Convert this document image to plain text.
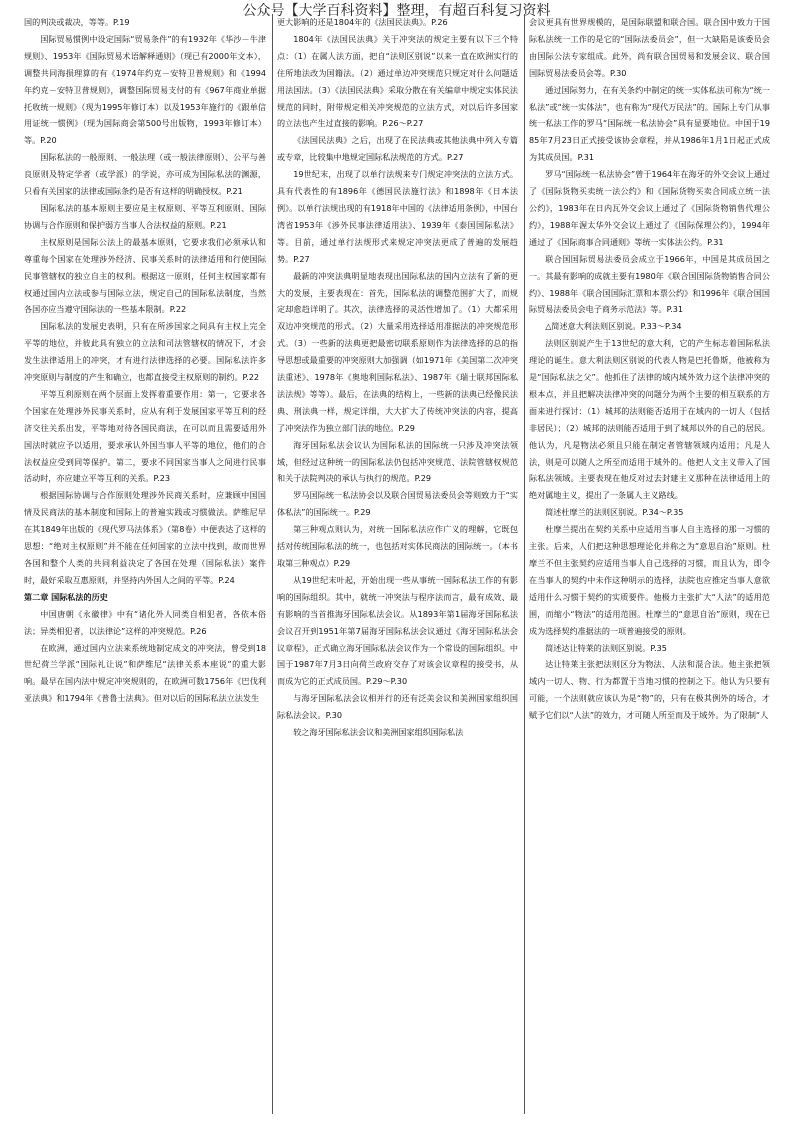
公众号【大学百科资料】整理，有超百科复习资料

国的判决或裁决，等等。P.19

国际贸易惯例中设定国际“贸易条件”的有1932年《华沙－牛津规则》、1953年《国际贸易术语解释通则》（现已有2000年文本），调整共同海损理算的有《1974年约克－安特卫普规则》和《1994年约克－安特卫普规则》，调整国际贸易支付的有《967年商业单据托收统一规则》（现为1995年修订本）以及1953年施行的《跟单信用证统一惯例》（现为国际商会第500号出版物，1993年修订本）等。P.20

国际私法的一般原则、一般法理（或一般法律原则）、公平与善良原则及特定学者（或学派）的学说，亦可成为国际私法的渊源，只看有关国家的法律或国际条约是否有这样的明确授权。P.21

国际私法的基本原则主要应是主权原则、平等互利原则、国际协调与合作原则和保护弱方当事人合法权益的原则。P.21

主权原则是国际公法上的最基本原则，它要求我们必须承认和尊重每个国家在处理涉外经济、民事关系时的法律适用和行使国际民事管辖权的独立自主的权利。根据这一原则，任何主权国家都有权通过国内立法或参与国际立法，规定自己的国际私法制度，当然各国亦应当遵守国际法的一些基本限制。P.22

国际私法的发展史表明，只有在所涉国家之间具有主权上完全平等的地位，并彼此具有独立的立法和司法管辖权的情况下，才会发生法律适用上的冲突，才有进行法律选择的必要。国际私法许多冲突原则与制度的产生和确立，也都直接受主权原则的制约。P.22

平等互利原则在两个层面上发挥着重要作用：第一，它要求各个国家在处理涉外民事关系时，应从有利于发展国家平等互利的经济交往关系出发，平等地对待各国民商法，在可以而且需要适用外国法时就应予以适用，要求承认外国当事人平等的地位，他们的合法权益应受到同等保护。第二，要求不同国家当事人之间进行民事活动时，亦应建立平等互利的关系。P.23

根据国际协调与合作原则处理涉外民商关系时，应兼顾中国国情及民商法的基本制度和国际上的普遍实践或习惯做法。萨维尼早在其1849年出版的《现代罗马法体系》（第8卷）中便表达了这样的思想：“绝对主权原则”并不能在任何国家的立法中找到，故而世界各国和整个人类的共同利益决定了各国在处理（国际私法）案件时，最好采取互惠原则，并坚持内外国人之间的平等。P.24

第二章 国际私法的历史

中国唐朝《永徽律》中有“诸化外人同类自相犯者，各依本俗法；异类相犯者，以法律论”这样的冲突规范。P.26

在欧洲，通过国内立法来系统地制定成文的冲突法，曾受到18世纪荷兰学派“国际礼让说”和萨维尼“法律关系本座说”的重大影响。最早在国内法中规定冲突规则的，在欧洲可数1756年《巴伐利亚法典》和1794年《普鲁士法典》。但对以后的国际私法立法发生

更大影响的还是1804年的《法国民法典》。P.26

1804年《法国民法典》关于冲突法的规定主要有以下三个特点：（1）在属人法方面，把自“法则区别说”以来一直在欧洲实行的住所地法改为国籍法。（2）通过单边冲突规范只规定对什么问题适用法国法。（3）《法国民法典》采取分散在有关编章中规定实体民法规范的同时，附带规定相关冲突规范的立法方式，对以后许多国家的立法也产生过直接的影响。P.26～P.27

《法国民法典》之后，出现了在民法典或其他法典中列入专篇或专章，比较集中地规定国际私法规范的方式。P.27

19世纪末，出现了以单行法规来专门规定冲突法的立法方式。具有代表性的有1896年《德国民法施行法》和1898年《日本法例》。以单行法规出现的有1918年中国的《法律适用条例》，中国台湾省1953年《涉外民事法律适用法》、1939年《泰国国际私法》等。目前，通过单行法规形式来规定冲突法更成了普遍的发展趋势。P.27

最新的冲突法典明显地表现出国际私法的国内立法有了新的更大的发展，主要表现在：首先，国际私法的调整范围扩大了，而规定却愈趋详明了。其次，法律选择的灵活性增加了。（1）大都采用双边冲突规范的形式。（2）大量采用选择适用准据法的冲突规范形式。（3）一些新的法典更把最密切联系原则作为法律选择的总的指导思想或最重要的冲突原则大加强调（如1971年《美国第二次冲突法重述》、1978年《奥地利国际私法》、1987年《瑞士联邦国际私法法规》等等）。最后，在法典的结构上，一些新的法典已经像民法典、刑法典一样，规定详细，大大扩大了传统冲突法的内容，提高了冲突法作为独立部门法的地位。P.29

海牙国际私法会议认为国际私法的国际统一只涉及冲突法领域，但经过这种统一的国际私法仍包括冲突规范、法院管辖权规范和关于法院判决的承认与执行的规范。P.29

罗马国际统一私法协会以及联合国贸易法委员会等则致力于“实体私法”的国际统一。P.29

第三种观点则认为，对统一国际私法应作广义的理解，它既包括对传统国际私法的统一，也包括对实体民商法的国际统一。（本书取第三种观点）P.29

从19世纪末叶起，开始出现一些从事统一国际私法工作的有影响的国际组织。其中，就统一冲突法与程序法而言，最有成效、最有影响的当首推海牙国际私法会议。从1893年第1届海牙国际私法会议召开到1951年第7届海牙国际私法会议通过《海牙国际私法会议章程》，正式确立海牙国际私法会议作为一个常设的国际组织。中国于1987年7月3日向荷兰政府交存了对该会议章程的接受书，从而成为它的正式成员国。P.29～P.30

与海牙国际私法会议相并行的还有泛美会议和美洲国家组织国际私法会议。P.30

较之海牙国际私法会议和美洲国家组织国际私法

会议更具有世界规模的，是国际联盟和联合国。联合国中致力于国际私法统一工作的是它的“国际法委员会”，但一大缺陷是该委员会由国际公法专家组成。此外，尚有联合国贸易和发展会议、联合国国际贸易法委员会等。P.30

通过国际努力，在有关条约中制定的统一实体私法可称为“统一私法”或“统一实体法”，也有称为“现代万民法”的。国际上专门从事统一私法工作的罗马“国际统一私法协会”具有显要地位。中国于1985年7月23日正式接受该协会章程，并从1986年1月1日起正式成为其成员国。P.31

罗马“国际统一私法协会”曾于1964年在海牙的外交会议上通过了《国际货物买卖统一法公约》和《国际货物买卖合同成立统一法公约》，1983年在日内瓦外交会议上通过了《国际货物销售代理公约》，1988年渥太华外交会议上通过了《国际保理公约》，1994年通过了《国际商事合同通则》等统一实体法公约。P.31

联合国国际贸易法委员会成立于1966年，中国是其成员国之一。其最有影响的成就主要有1980年《联合国国际货物销售合同公约》、1988年《联合国国际汇票和本票公约》和1996年《联合国国际贸易法委员会电子商务示范法》等。P.31

△简述意大利法则区别说。P.33～P.34

法则区别说产生于13世纪的意大利，它的产生标志着国际私法理论的诞生。意大利法则区别说的代表人物是巴托鲁斯，他被称为是“国际私法之父”。他抓住了法律的域内域外效力这个法律冲突的根本点，并且把解决法律冲突的问题分为两个主要的相互联系的方面来进行探讨：（1）城邦的法则能否适用于在域内的一切人（包括非居民）；（2）城邦的法则能否适用于到了城邦以外的自己的居民。他认为，凡是物法必须且只能在制定者管辖领域内适用；凡是人法，则是可以随人之所至而适用于域外的。他把人文主义带入了国际私法领域。主要表现在他反对过去封建主义那种在法律适用上的绝对属地主义，提出了一条属人主义路线。

简述杜摩兰的法则区别说。P.34～P.35

杜摩兰提出在契约关系中应适用当事人自主选择的那一习惯的主张。后来，人们把这种思想理论化并称之为“意思自治”原则。杜摩兰不但主张契约应适用当事人自己选择的习惯，而且认为，即令在当事人的契约中未作这种明示的选择，法院也应推定当事人意欲适用什么习惯于契约的实质要件。他极力主张扩大“人法”的适用范围，而缩小“物法”的适用范围。杜摩兰的“意思自治”原则，现在已成为选择契约准据法的一项普遍接受的原则。

简述达让特莱的法则区别说。P.35

达让特莱主张把法则区分为物法、人法和混合法。他主张把领域内一切人、物、行为都置于当地习惯的控制之下。他认为只要有可能，一个法则就应该认为是“物”的，只有在极其例外的场合，才赋予它们以“人法”的效力，才可随人所至而及于域外。为了限制“人
